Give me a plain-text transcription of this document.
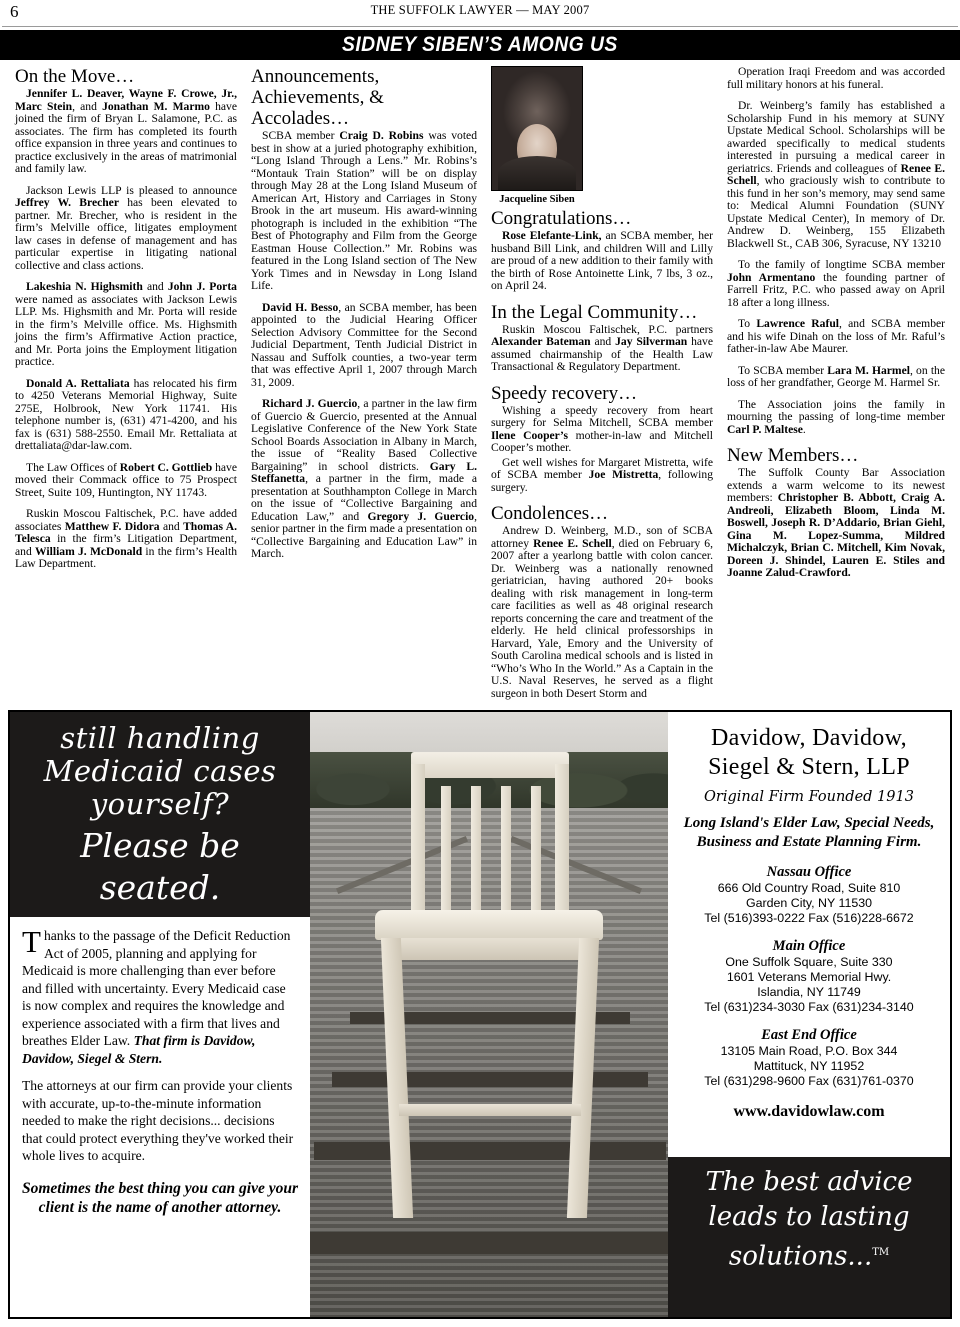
6	THE SUFFOLK LAWYER — MAY 2007
SIDNEY SIBEN’S AMONG US
On the Move…

Jennifer L. Deaver, Wayne F. Crowe, Jr., Marc Stein, and Jonathan M. Marmo have joined the firm of Bryan L. Salamone, P.C. as associates. The firm has completed its fourth office expansion in three years and continues to practice exclusively in the areas of matrimonial and family law.

Jackson Lewis LLP is pleased to announce Jeffrey W. Brecher has been elevated to partner. Mr. Brecher, who is resident in the firm’s Melville office, litigates employment law cases in defense of management and has particular expertise in litigating national collective and class actions.

Lakeshia N. Highsmith and John J. Porta were named as associates with Jackson Lewis LLP. Ms. Highsmith and Mr. Porta will reside in the firm’s Melville office. Ms. Highsmith joins the firm’s Affirmative Action practice, and Mr. Porta joins the Employment litigation practice.

Donald A. Rettaliata has relocated his firm to 4250 Veterans Memorial Highway, Suite 275E, Holbrook, New York 11741. His telephone number is, (631) 471-4200, and his fax is (631) 588-2550. Email Mr. Rettaliata at drettaliata@dar-law.com.

The Law Offices of Robert C. Gottlieb have moved their Commack office to 75 Prospect Street, Suite 109, Huntington, NY 11743.

Ruskin Moscou Faltischek, P.C. have added associates Matthew F. Didora and Thomas A. Telesca in the firm’s Litigation Department, and William J. McDonald in the firm’s Health Law Department.

Announcements, Achievements, & Accolades…

SCBA member Craig D. Robins was voted best in show at a juried photography exhibition, “Long Island Through a Lens.” Mr. Robins’s “Montauk Train Station” will be on display through May 28 at the Long Island Museum of American Art, History and Carriages in Stony Brook in the art museum. His award-winning photograph is included in the exhibition “The Best of Photography and Film from the George Eastman House Collection.” Mr. Robins was featured in the Long Island section of The New York Times and in Newsday in Long Island Life.

David H. Besso, an SCBA member, has been appointed to the Judicial Hearing Officer Selection Advisory Committee for the Second Judicial Department, Tenth Judicial District in Nassau and Suffolk counties, a two-year term that was effective April 1, 2007 through March 31, 2009.

Richard J. Guercio, a partner in the law firm of Guercio & Guercio, presented at the Annual Legislative Conference of the New York State School Boards Association in Albany in March, the issue of “Reality Based Collective Bargaining” in school districts. Gary L. Steffanetta, a partner in the firm, made a presentation at Southhampton College in March on the issue of “Collective Bargaining and Education Law,” and Gregory J. Guercio, senior partner in the firm made a presentation on “Collective Bargaining and Education Law” in March.

Jacqueline Siben
Congratulations…

Rose Elefante-Link, an SCBA member, her husband Bill Link, and children Will and Lilly are proud of a new addition to their family with the birth of Rose Antoinette Link, 7 lbs, 3 oz., on April 24.

In the Legal Community…

Ruskin Moscou Faltischek, P.C. partners Alexander Bateman and Jay Silverman have assumed chairmanship of the Health Law Transactional & Regulatory Department.

Speedy recovery…

Wishing a speedy recovery from heart surgery for Selma Mitchell, SCBA member Ilene Cooper’s mother-in-law and Mitchell Cooper’s mother.

Get well wishes for Margaret Mistretta, wife of SCBA member Joe Mistretta, following surgery.

Condolences…

Andrew D. Weinberg, M.D., son of SCBA attorney Renee E. Schell, died on February 6, 2007 after a yearlong battle with colon cancer. Dr. Weinberg was a nationally renowned geriatrician, having authored 20+ books dealing with risk management in long-term care facilities as well as 48 original research reports concerning the care and treatment of the elderly. He held clinical professorships in Harvard, Yale, Emory and the University of South Carolina medical schools and is listed in “Who’s Who In the World.” As a Captain in the U.S. Naval Reserves, he served as a flight surgeon in both Desert Storm and

Operation Iraqi Freedom and was accorded full military honors at his funeral.

Dr. Weinberg’s family has established a Scholarship Fund in his memory at SUNY Upstate Medical School. Scholarships will be awarded specifically to medical students interested in pursuing a medical career in geriatrics. Friends and colleagues of Renee E. Schell, who graciously wish to contribute to this fund in her son’s memory, may send same to: Medical Alumni Foundation (SUNY Upstate Medical Center), In memory of Dr. Andrew D. Weinberg, 155 Elizabeth Blackwell St., CAB 306, Syracuse, NY 13210

To the family of longtime SCBA member John Armentano the founding partner of Farrell Fritz, P.C. who passed away on April 18 after a long illness.

To Lawrence Raful, and SCBA member and his wife Dinah on the loss of Mr. Raful’s father-in-law Abe Maurer.

To SCBA member Lara M. Harmel, on the loss of her grandfather, George M. Harmel Sr.

The Association joins the family in mourning the passing of long-time member Carl P. Maltese.

New Members…

The Suffolk County Bar Association extends a warm welcome to its newest members: Christopher B. Abbott, Craig A. Andreoli, Elizabeth Bloom, Linda M. Boswell, Joseph R. D’Addario, Brian Giehl, Gina M. Lopez-Summa, Mildred Michalczyk, Brian C. Mitchell, Kim Novak, Doreen J. Shindel, Lauren E. Stiles and Joanne Zalud-Crawford.

still handling
Medicaid cases
yourself?
Please be seated.

Thanks to the passage of the Deficit Reduction Act of 2005, planning and applying for Medicaid is more challenging than ever before and filled with uncertainty. Every Medicaid case is now complex and requires the knowledge and experience associated with a firm that lives and breathes Elder Law. That firm is Davidow, Davidow, Siegel & Stern.

The attorneys at our firm can provide your clients with accurate, up-to-the-minute information needed to make the right decisions... decisions that could protect everything they've worked their whole lives to acquire.

Sometimes the best thing you can give your client is the name of another attorney.
Davidow, Davidow,
Siegel & Stern, LLP
Original Firm Founded 1913
Long Island's Elder Law, Special Needs, Business and Estate Planning Firm.
Nassau Office
666 Old Country Road, Suite 810
Garden City, NY 11530
Tel (516)393-0222 Fax (516)228-6672
Main Office
One Suffolk Square, Suite 330
1601 Veterans Memorial Hwy.
Islandia, NY 11749
Tel (631)234-3030 Fax (631)234-3140
East End Office
13105 Main Road, P.O. Box 344
Mattituck, NY 11952
Tel (631)298-9600 Fax (631)761-0370
www.davidowlaw.com
The best advice
leads to lasting
solutions...™
